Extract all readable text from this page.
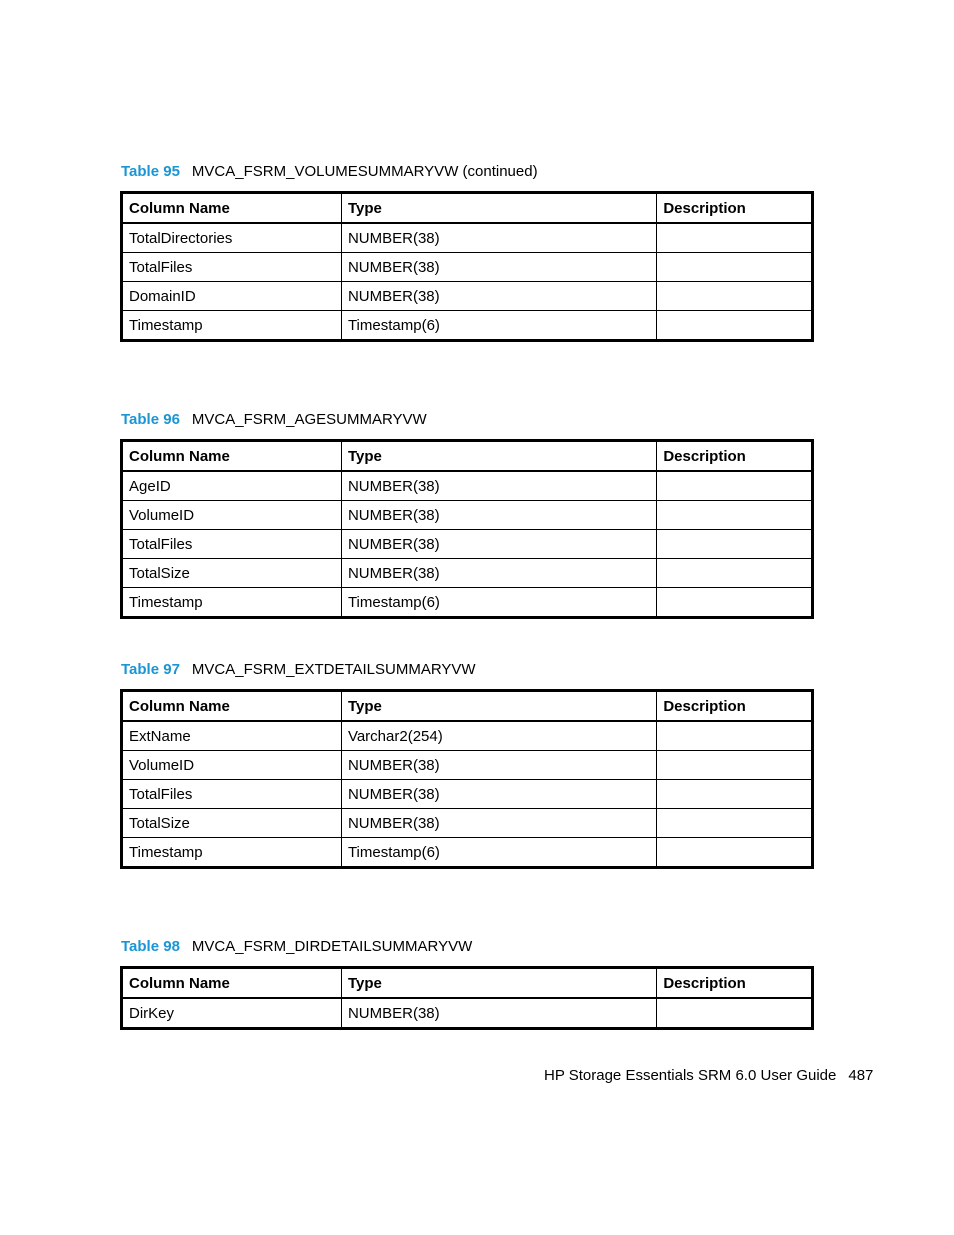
Table 95 MVCA_FSRM_VOLUMESUMMARYVW (continued)
Column Name	Type	Description
TotalDirectories	NUMBER(38)	
TotalFiles	NUMBER(38)	
DomainID	NUMBER(38)	
Timestamp	Timestamp(6)	
Table 96 MVCA_FSRM_AGESUMMARYVW
Column Name	Type	Description
AgeID	NUMBER(38)	
VolumeID	NUMBER(38)	
TotalFiles	NUMBER(38)	
TotalSize	NUMBER(38)	
Timestamp	Timestamp(6)	
Table 97 MVCA_FSRM_EXTDETAILSUMMARYVW
Column Name	Type	Description
ExtName	Varchar2(254)	
VolumeID	NUMBER(38)	
TotalFiles	NUMBER(38)	
TotalSize	NUMBER(38)	
Timestamp	Timestamp(6)	
Table 98 MVCA_FSRM_DIRDETAILSUMMARYVW
Column Name	Type	Description
DirKey	NUMBER(38)	
HP Storage Essentials SRM 6.0 User Guide 487
